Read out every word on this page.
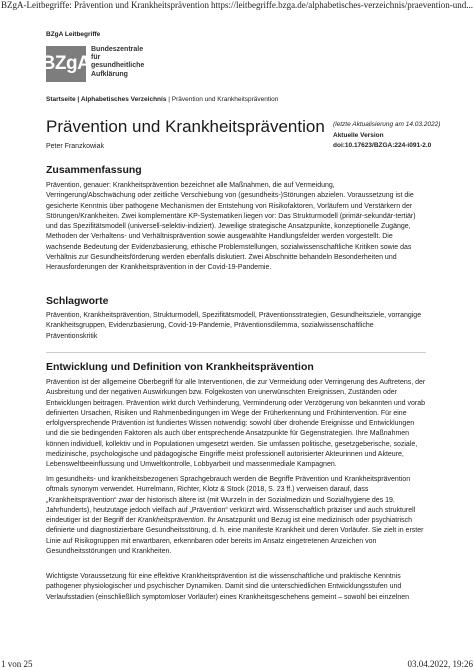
BZgA-Leitbegriffe: Prävention und Krankheitsprävention https://leitbegriffe.bzga.de/alphabetisches-verzeichnis/praevention-und...
BZgA Leitbegriffe
BZgA
Bundeszentrale
für
gesundheitliche
Aufklärung
Startseite | Alphabetisches Verzeichnis | Prävention und Krankheitsprävention
Prävention und Krankheitsprävention
Peter Franzkowiak
(letzte Aktualisierung am 14.03.2022)
Aktuelle Version
doi:10.17623/BZGA:224-i091-2.0
Zusammenfassung
Prävention, genauer: Krankheitsprävention bezeichnet alle Maßnahmen, die auf Vermeidung, Verringerung/Abschwächung oder zeitliche Verschiebung von (gesundheits-)Störungen abzielen. Voraussetzung ist die gesicherte Kenntnis über pathogene Mechanismen der Entstehung von Risikofaktoren, Vorläufern und Verstärkern der Störungen/Krankheiten. Zwei komplementäre KP-Systematiken liegen vor: Das Strukturmodell (primär-sekundär-tertiär) und das Spezifitätsmodell (universell-selektiv-indiziert). Jeweilige strategische Ansatzpunkte, konzeptionelle Zugänge, Methoden der Verhaltens- und Verhältnisprävention sowie ausgewählte Handlungsfelder werden vorgestellt. Die wachsende Bedeutung der Evidenzbasierung, ethische Problemstellungen, sozialwissenschaftliche Kritiken sowie das Verhältnis zur Gesundheitsförderung werden ebenfalls diskutiert. Zwei Abschnitte behandeln Besonderheiten und Herausforderungen der Krankheitsprävention in der Covid-19-Pandemie.
Schlagworte
Prävention, Krankheitsprävention, Strukturmodell, Spezifitätsmodell, Präventionsstrategien, Gesundheitsziele, vorrangige Krankheitsgruppen, Evidenzbasierung, Covid-19-Pandemie, Präventionsdilemma, sozialwissenschaftliche Präventionskritik
Entwicklung und Definition von Krankheitsprävention
Prävention ist der allgemeine Oberbegriff für alle Interventionen, die zur Vermeidung oder Verringerung des Auftretens, der Ausbreitung und der negativen Auswirkungen bzw. Folgekosten von unerwünschten Ereignissen, Zuständen oder Entwicklungen beitragen. Prävention wirkt durch Verhinderung, Verminderung oder Verzögerung von bekannten und vorab definierten Ursachen, Risiken und Rahmenbedingungen im Wege der Früherkennung und Frühintervention. Für eine erfolgversprechende Prävention ist fundiertes Wissen notwendig: sowohl über drohende Ereignisse und Entwicklungen und die sie bedingenden Faktoren als auch über entsprechende Ansatzpunkte für Gegenstrategien. Ihre Maßnahmen können individuell, kollektiv und in Populationen umgesetzt werden. Sie umfassen politische, gesetzgeberische, soziale, medizinische, psychologische und pädagogische Eingriffe meist professionell autorisierter Akteurinnen und Akteure, Lebensweltbeeinflussung und Umweltkontrolle, Lobbyarbeit und massenmediale Kampagnen.
Im gesundheits- und krankheitsbezogenen Sprachgebrauch werden die Begriffe Prävention und Krankheitsprävention oftmals synonym verwendet. Hurrelmann, Richter, Klotz & Stock (2018, S. 23 ff.) verweisen darauf, dass „Krankheitsprävention“ zwar der historisch ältere ist (mit Wurzeln in der Sozialmedizin und Sozialhygiene des 19. Jahrhunderts), heutzutage jedoch vielfach auf „Prävention“ verkürzt wird. Wissenschaftlich präziser und auch strukturell eindeutiger ist der Begriff der Krankheitsprävention. Ihr Ansatzpunkt und Bezug ist eine medizinisch oder psychiatrisch definierte und diagnostizierbare Gesundheitsstörung, d. h. eine manifeste Krankheit und deren Vorläufer. Sie zielt in erster Linie auf Risikogruppen mit erwartbaren, erkennbaren oder bereits im Ansatz eingetretenen Anzeichen von Gesundheitsstörungen und Krankheiten.
Wichtigste Voraussetzung für eine effektive Krankheitsprävention ist die wissenschaftliche und praktische Kenntnis pathogener physiologischer und psychischer Dynamiken. Damit sind die unterschiedlichen Entwicklungsstufen und Verlaufsstadien (einschließlich symptomloser Vorläufer) eines Krankheitsgeschehens gemeint – sowohl bei einzelnen
1 von 25	03.04.2022, 19:26
